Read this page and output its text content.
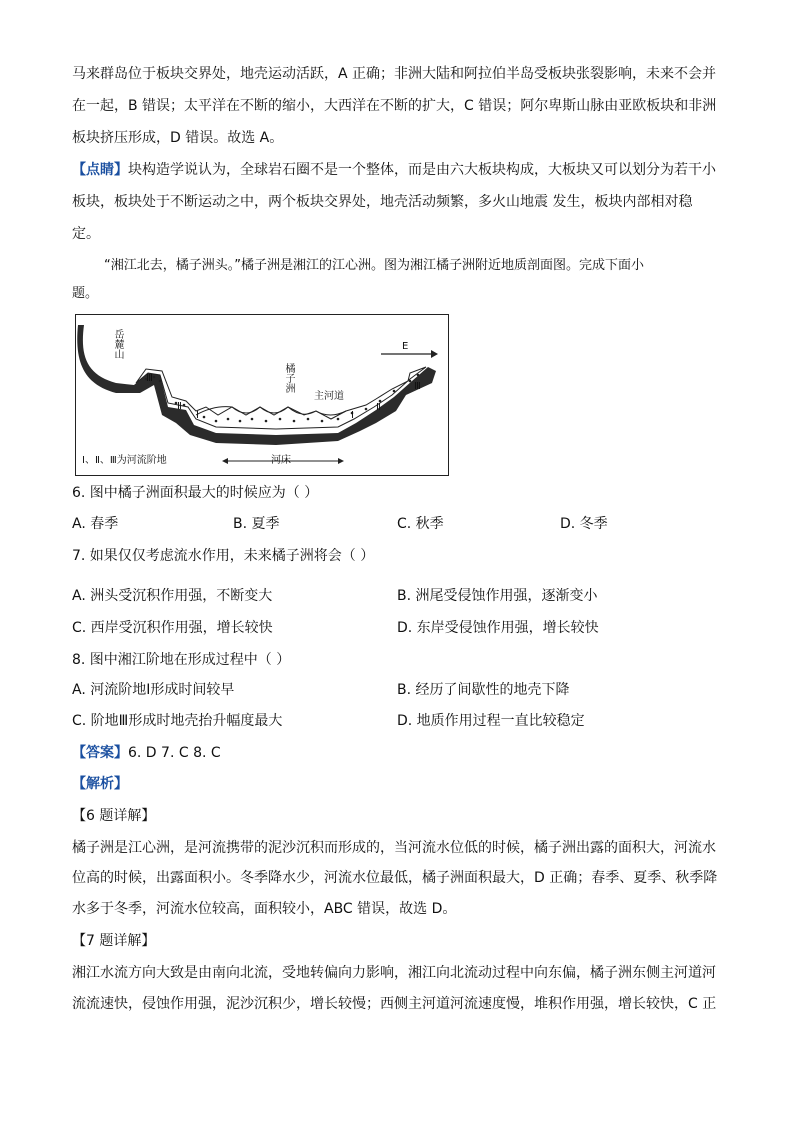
马来群岛位于板块交界处，地壳运动活跃，A 正确；非洲大陆和阿拉伯半岛受板块张裂影响，未来不会并
在一起，B 错误；太平洋在不断的缩小，大西洋在不断的扩大，C 错误；阿尔卑斯山脉由亚欧板块和非洲
板块挤压形成，D 错误。故选 A。
【点睛】块构造学说认为，全球岩石圈不是一个整体，而是由六大板块构成，大板块又可以划分为若干小
板块，板块处于不断运动之中，两个板块交界处，地壳活动频繁，多火山地震 发生，板块内部相对稳
定。
“湘江北去，橘子洲头。”橘子洲是湘江的江心洲。图为湘江橘子洲附近地质剖面图。完成下面小
题。
岳麓山
橘子洲
主河道
河床
E
Ⅰ、Ⅱ、Ⅲ为河流阶地
Ⅲ
Ⅱ
Ⅰ	Ⅰ
Ⅱ
Ⅲ
6. 图中橘子洲面积最大的时候应为（ ）
A. 春季	B. 夏季	C. 秋季	D. 冬季
7. 如果仅仅考虑流水作用，未来橘子洲将会（ ）
A. 洲头受沉积作用强，不断变大	B. 洲尾受侵蚀作用强，逐渐变小
C. 西岸受沉积作用强，增长较快	D. 东岸受侵蚀作用强，增长较快
8. 图中湘江阶地在形成过程中（ ）
A. 河流阶地Ⅰ形成时间较早	B. 经历了间歇性的地壳下降
C. 阶地Ⅲ形成时地壳抬升幅度最大	D. 地质作用过程一直比较稳定
【答案】6. D 7. C 8. C
【解析】
【6 题详解】
橘子洲是江心洲，是河流携带的泥沙沉积而形成的，当河流水位低的时候，橘子洲出露的面积大，河流水
位高的时候，出露面积小。冬季降水少，河流水位最低，橘子洲面积最大，D 正确；春季、夏季、秋季降
水多于冬季，河流水位较高，面积较小，ABC 错误，故选 D。
【7 题详解】
湘江水流方向大致是由南向北流，受地转偏向力影响，湘江向北流动过程中向东偏，橘子洲东侧主河道河
流流速快，侵蚀作用强，泥沙沉积少，增长较慢；西侧主河道河流速度慢，堆积作用强，增长较快，C 正
